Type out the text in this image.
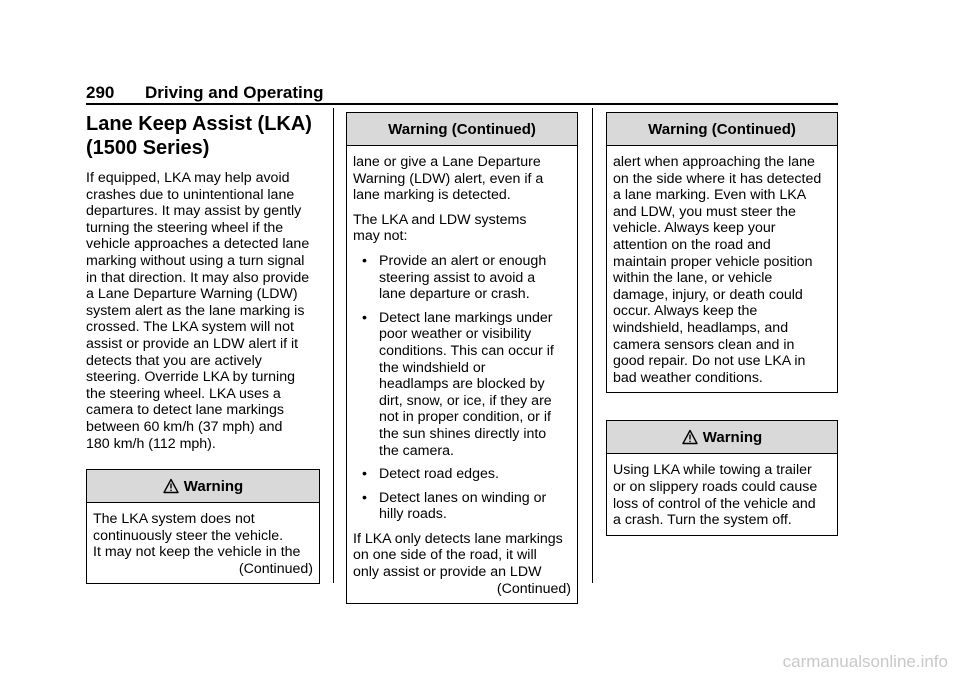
290 Driving and Operating
Lane Keep Assist (LKA)
(1500 Series)
If equipped, LKA may help avoid
crashes due to unintentional lane
departures. It may assist by gently
turning the steering wheel if the
vehicle approaches a detected lane
marking without using a turn signal
in that direction. It may also provide
a Lane Departure Warning (LDW)
system alert as the lane marking is
crossed. The LKA system will not
assist or provide an LDW alert if it
detects that you are actively
steering. Override LKA by turning
the steering wheel. LKA uses a
camera to detect lane markings
between 60 km/h (37 mph) and
180 km/h (112 mph).
Warning
The LKA system does not
continuously steer the vehicle.
It may not keep the vehicle in the
(Continued)
Warning (Continued)

lane or give a Lane Departure
Warning (LDW) alert, even if a
lane marking is detected.

The LKA and LDW systems
may not:

• Provide an alert or enough
steering assist to avoid a
lane departure or crash.
• Detect lane markings under
poor weather or visibility
conditions. This can occur if
the windshield or
headlamps are blocked by
dirt, snow, or ice, if they are
not in proper condition, or if
the sun shines directly into
the camera.
• Detect road edges.
• Detect lanes on winding or
hilly roads.
If LKA only detects lane markings
on one side of the road, it will
only assist or provide an LDW
(Continued)
Warning (Continued)
alert when approaching the lane
on the side where it has detected
a lane marking. Even with LKA
and LDW, you must steer the
vehicle. Always keep your
attention on the road and
maintain proper vehicle position
within the lane, or vehicle
damage, injury, or death could
occur. Always keep the
windshield, headlamps, and
camera sensors clean and in
good repair. Do not use LKA in
bad weather conditions.
Warning
Using LKA while towing a trailer
or on slippery roads could cause
loss of control of the vehicle and
a crash. Turn the system off.
carmanualsonline.info
